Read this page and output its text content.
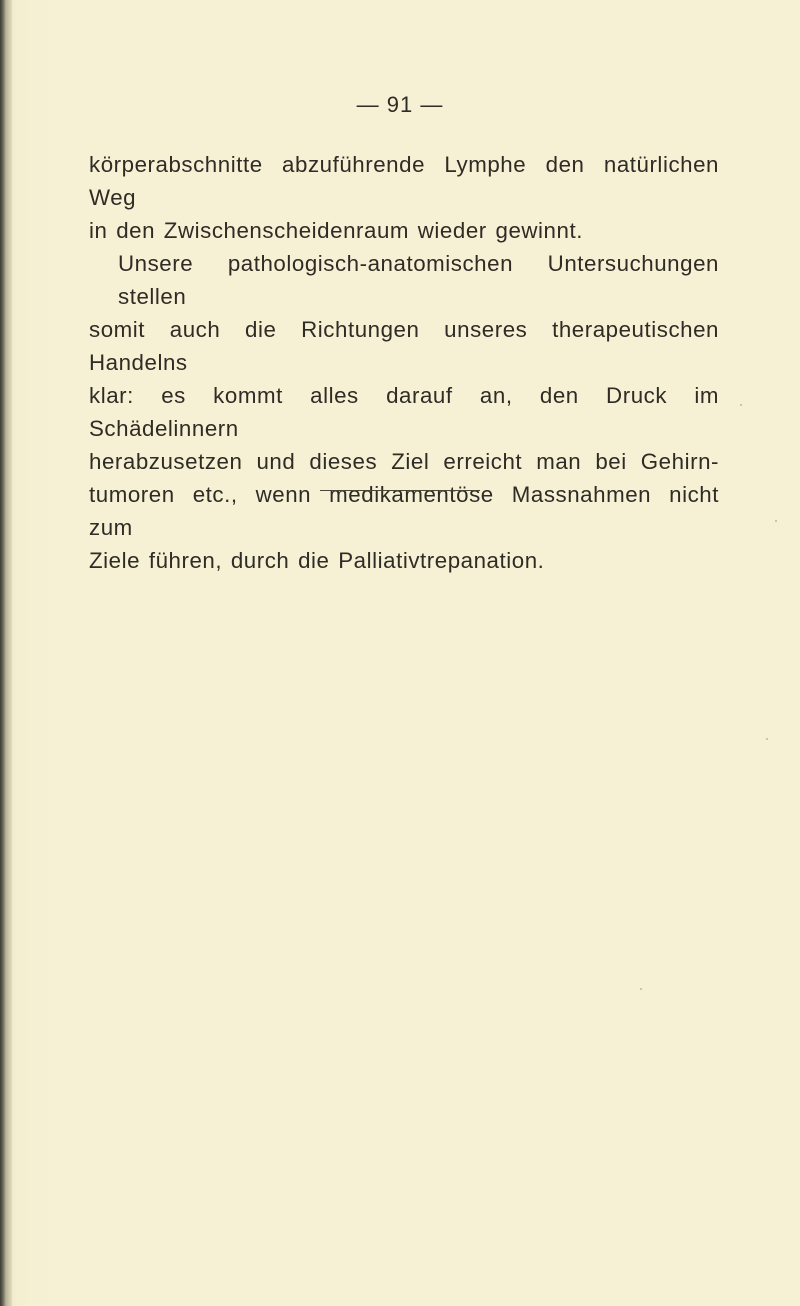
— 91 —
körperabschnitte abzuführende Lymphe den natürlichen Weg
in den Zwischenscheidenraum wieder gewinnt.
Unsere pathologisch-anatomischen Untersuchungen stellen
somit auch die Richtungen unseres therapeutischen Handelns
klar: es kommt alles darauf an, den Druck im Schädelinnern
herabzusetzen und dieses Ziel erreicht man bei Gehirn-
tumoren etc., wenn medikamentöse Massnahmen nicht zum
Ziele führen, durch die Palliativtrepanation.
